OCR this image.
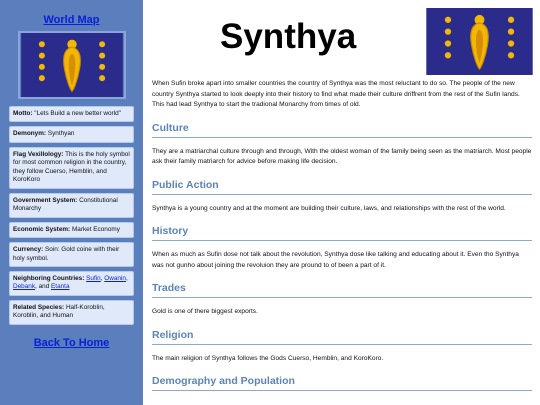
World Map
Motto: "Lets Build a new better world"
Demonym: Synthyan
Flag Vexillology: This is the holy symbol for most common religion in the country, they follow Cuerso, Hemblin, and KoroKoro
Government System: Constitutional Monarchy
Economic System: Market Economy
Currency: Soin: Gold coine with their holy symbol.
Neighboring Countries: Sufin, Owanin, Debank, and Etanta
Related Species: Half-Koroblin, Koroblin, and Human
Back To Home
Synthya

When Sufin broke apart into smaller countries the country of Synthya was the most reluctant to do so. The people of the new country Synthya started to look deeply into their history to find what made their culture driffrent from the rest of the Sufin lands. This had lead Synthya to start the tradional Monarchy from times of old.

Culture

They are a matriarchal culture through and through, With the oldest woman of the family being seen as the matriarch. Most people ask their family matriarch for advice before making life decision.

Public Action

Synthya is a young country and at the moment are building their culture, laws, and relationships with the rest of the world.

History

When as much as Sufin dose not talk about the revolution, Synthya dose like talking and educating about it. Even tho Synthya was not gunho about joining the revoluion they are pround to of been a part of it.

Trades

Gold is one of there biggest exports.

Religion

The main religion of Synthya follows the Gods Cuerso, Hemblin, and KoroKoro.

Demography and Population
